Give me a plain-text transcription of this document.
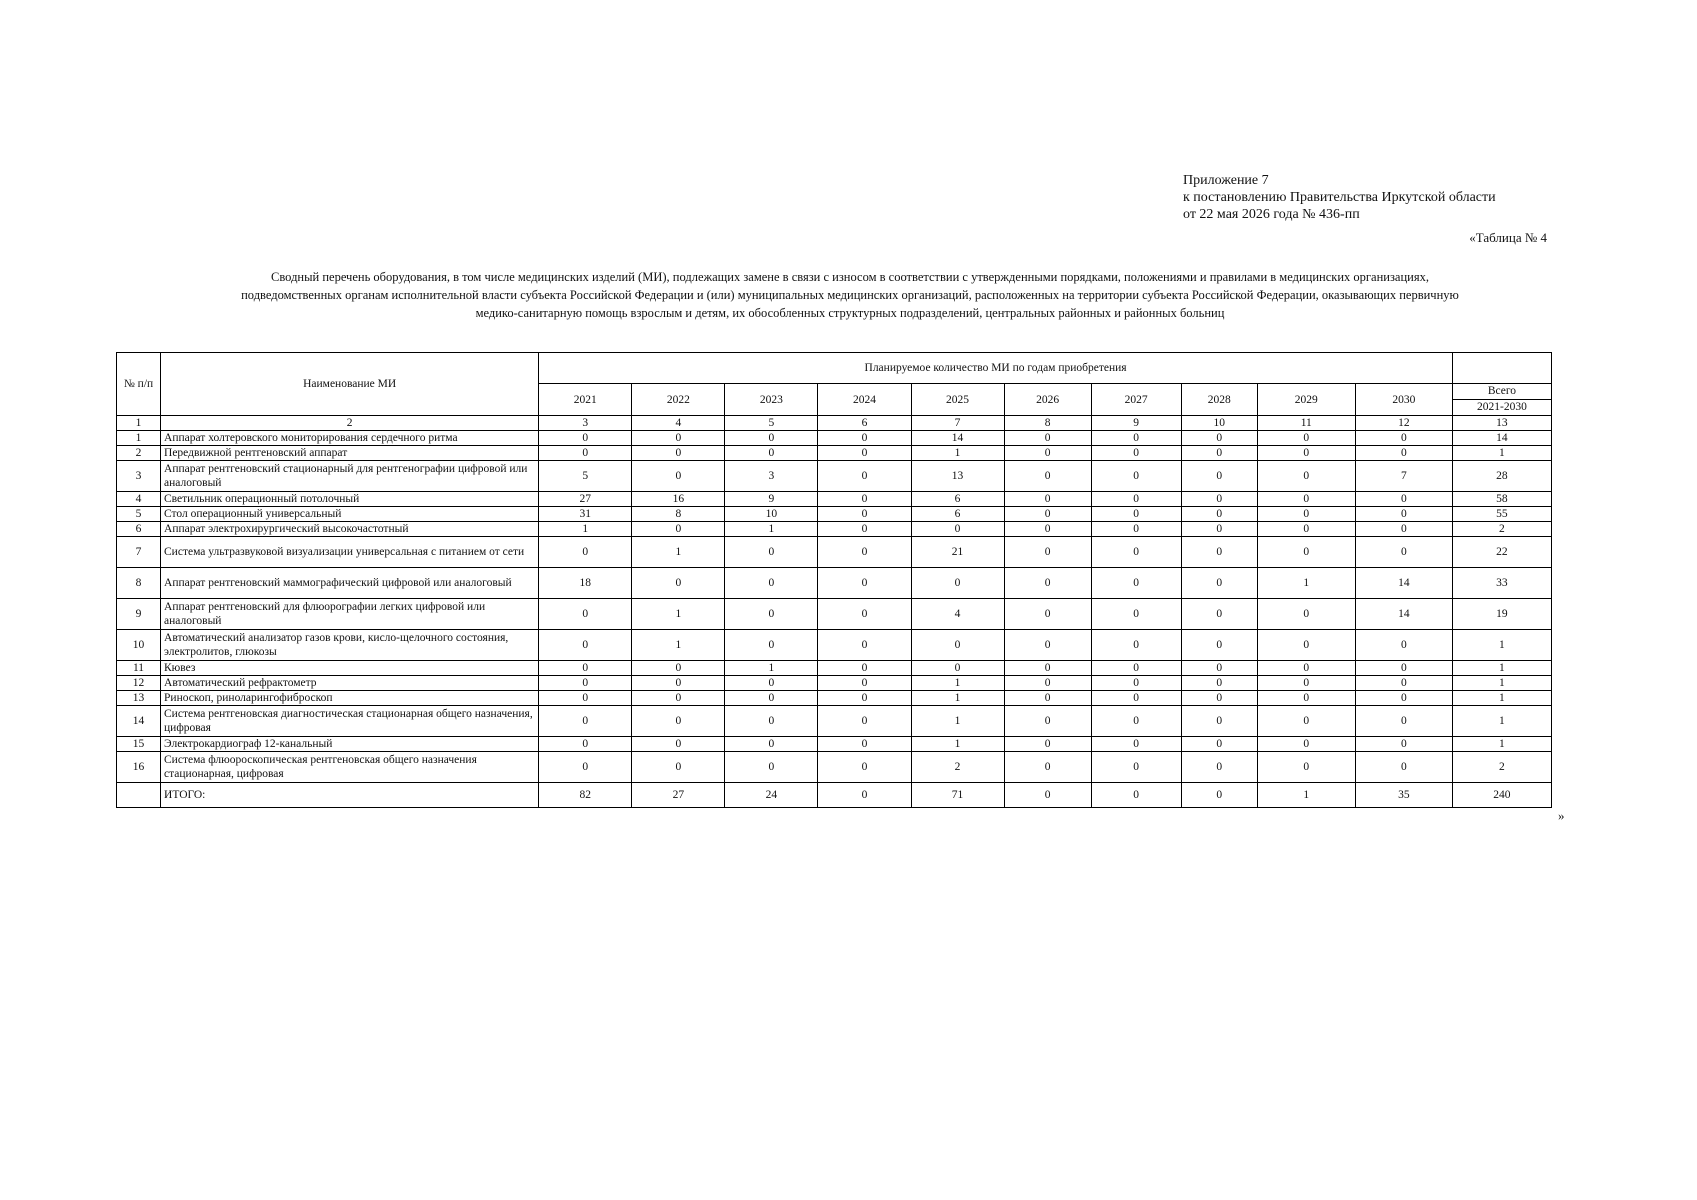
Приложение 7
к постановлению Правительства Иркутской области
от 22 мая 2026 года № 436-пп
«Таблица № 4
Сводный перечень оборудования, в том числе медицинских изделий (МИ), подлежащих замене в связи с износом в соответствии с утвержденными порядками, положениями и правилами в медицинских организациях,
подведомственных органам исполнительной власти субъекта Российской Федерации и (или) муниципальных медицинских организаций, расположенных на территории субъекта Российской Федерации, оказывающих первичную
медико-санитарную помощь взрослым и детям, их обособленных структурных подразделений, центральных районных и районных больниц
№ п/п	Наименование МИ	Планируемое количество МИ по годам приобретения										
		2021	2022	2023	2024	2025	2026	2027	2028	2029	2030	Всего
2021-2030

1	2	3	4	5	6	7	8	9	10	11	12	13
1	Аппарат холтеровского мониторирования сердечного ритма	0	0	0	0	14	0	0	0	0	0	14
2	Передвижной рентгеновский аппарат	0	0	0	0	1	0	0	0	0	0	1
3	Аппарат рентгеновский стационарный для рентгенографии цифровой или аналоговый	5	0	3	0	13	0	0	0	0	7	28
4	Светильник операционный потолочный	27	16	9	0	6	0	0	0	0	0	58
5	Стол операционный универсальный	31	8	10	0	6	0	0	0	0	0	55
6	Аппарат электрохирургический высокочастотный	1	0	1	0	0	0	0	0	0	0	2
7	Система ультразвуковой визуализации универсальная с питанием от сети	0	1	0	0	21	0	0	0	0	0	22
8	Аппарат рентгеновский маммографический цифровой или аналоговый	18	0	0	0	0	0	0	0	1	14	33
9	Аппарат рентгеновский для флюорографии легких цифровой или аналоговый	0	1	0	0	4	0	0	0	0	14	19
10	Автоматический анализатор газов крови, кисло-щелочного состояния, электролитов, глюкозы	0	1	0	0	0	0	0	0	0	0	1
11	Кювез	0	0	1	0	0	0	0	0	0	0	1
12	Автоматический рефрактометр	0	0	0	0	1	0	0	0	0	0	1
13	Риноскоп, риноларингофиброскоп	0	0	0	0	1	0	0	0	0	0	1
14	Система рентгеновская диагностическая стационарная общего назначения, цифровая	0	0	0	0	1	0	0	0	0	0	1
15	Электрокардиограф 12-канальный	0	0	0	0	1	0	0	0	0	0	1
16	Система флюороскопическая рентгеновская общего назначения стационарная, цифровая	0	0	0	0	2	0	0	0	0	0	2
	ИТОГО:	82	27	24	0	71	0	0	0	1	35	240
»
